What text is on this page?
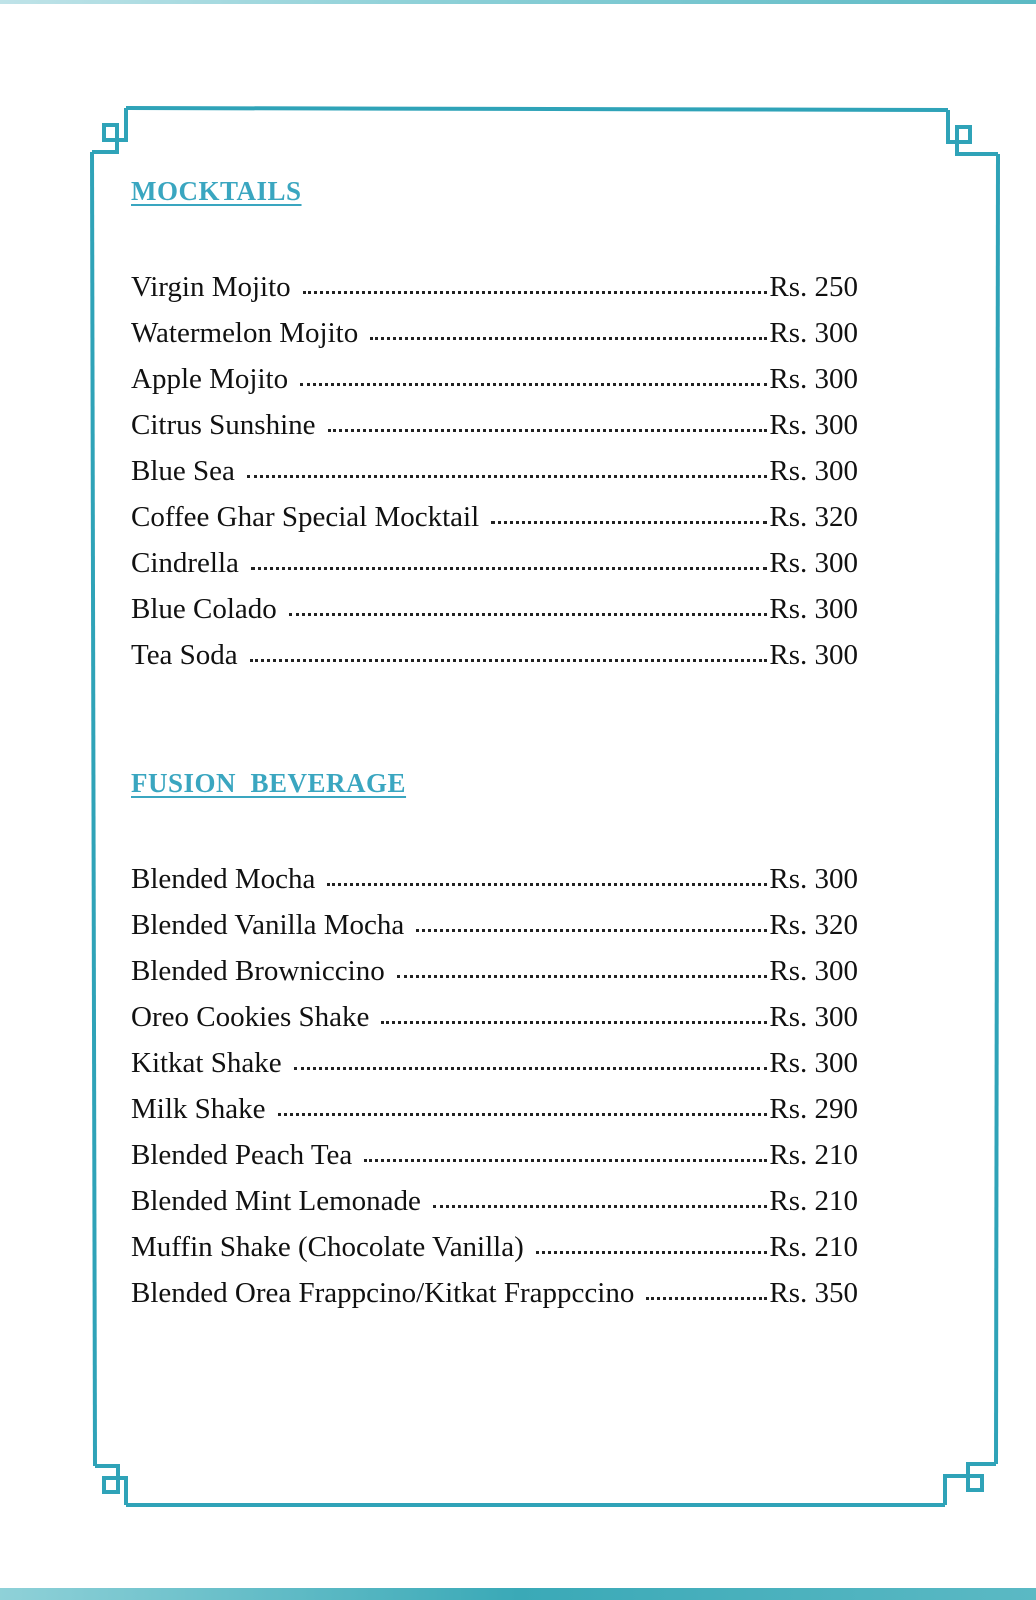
MOCKTAILS
Virgin Mojito	Rs. 250
Watermelon Mojito	Rs. 300
Apple Mojito	Rs. 300
Citrus Sunshine	Rs. 300
Blue Sea	Rs. 300
Coffee Ghar Special Mocktail	Rs. 320
Cindrella	Rs. 300
Blue Colado	Rs. 300
Tea Soda	Rs. 300
FUSION  BEVERAGE
Blended Mocha	Rs. 300
Blended Vanilla Mocha	Rs. 320
Blended Browniccino	Rs. 300
Oreo Cookies Shake	Rs. 300
Kitkat Shake	Rs. 300
Milk Shake	Rs. 290
Blended Peach Tea	Rs. 210
Blended Mint Lemonade	Rs. 210
Muffin Shake (Chocolate Vanilla)	Rs. 210
Blended Orea Frappcino/Kitkat Frappccino	Rs. 350
